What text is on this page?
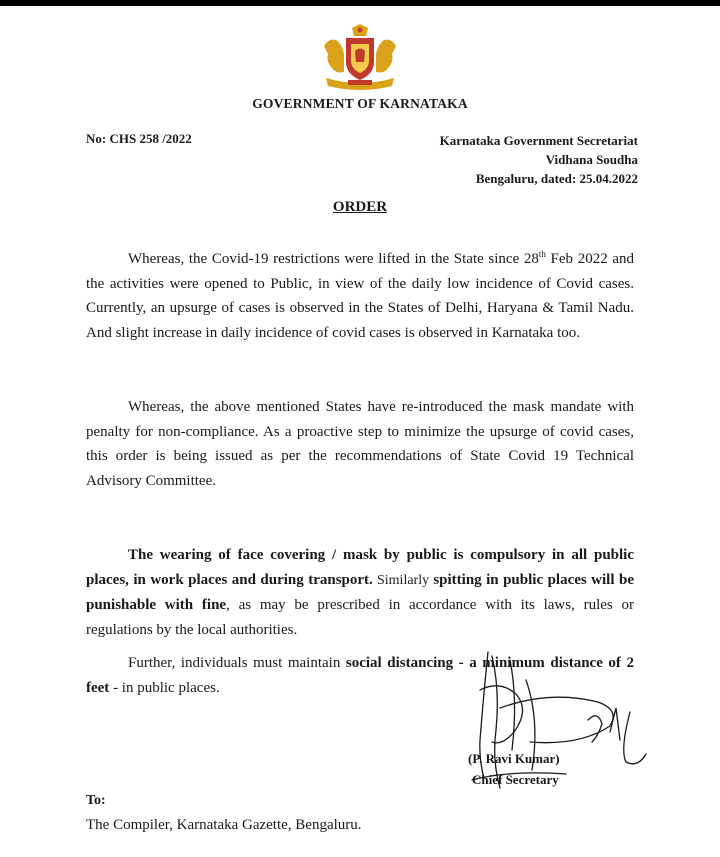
GOVERNMENT OF KARNATAKA
No: CHS 258 /2022	Karnataka Government Secretariat
Vidhana Soudha
Bengaluru, dated: 25.04.2022
ORDER

Whereas, the Covid-19 restrictions were lifted in the State since 28th Feb 2022 and the activities were opened to Public, in view of the daily low incidence of Covid cases. Currently, an upsurge of cases is observed in the States of Delhi, Haryana & Tamil Nadu. And slight increase in daily incidence of covid cases is observed in Karnataka too.

Whereas, the above mentioned States have re-introduced the mask mandate with penalty for non-compliance. As a proactive step to minimize the upsurge of covid cases, this order is being issued as per the recommendations of State Covid 19 Technical Advisory Committee.

The wearing of face covering / mask by public is compulsory in all public places, in work places and during transport. Similarly spitting in public places will be punishable with fine, as may be prescribed in accordance with its laws, rules or regulations by the local authorities.

Further, individuals must maintain social distancing - a minimum distance of 2 feet - in public places.

(P. Ravi Kumar)
Chief Secretary
To:
The Compiler, Karnataka Gazette, Bengaluru.
